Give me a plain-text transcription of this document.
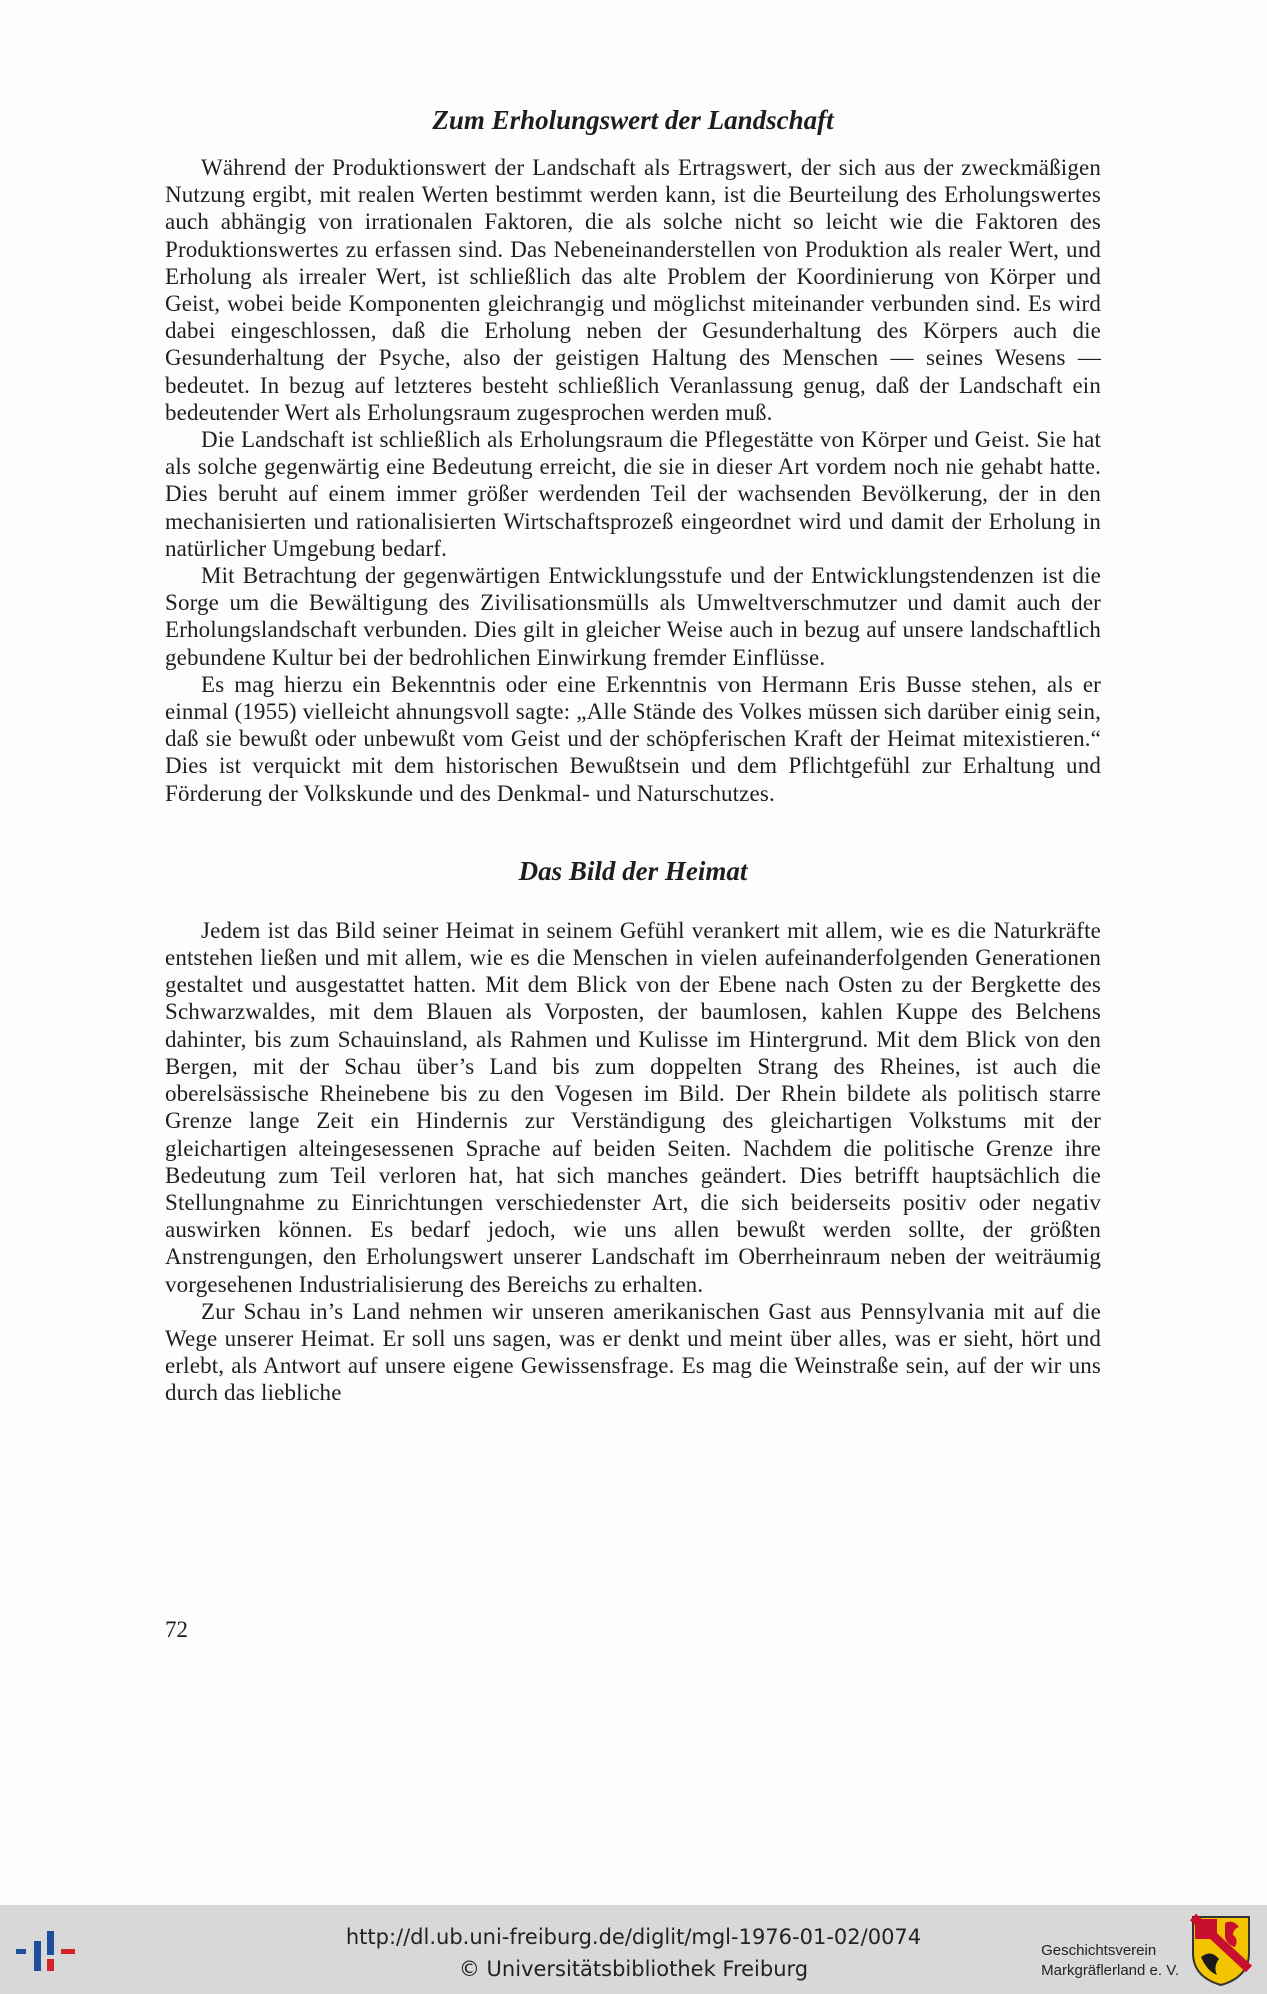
Zum Erholungswert der Landschaft

Während der Produktionswert der Landschaft als Ertragswert, der sich aus der zweckmäßigen Nutzung ergibt, mit realen Werten bestimmt werden kann, ist die Beurteilung des Erholungswertes auch abhängig von irrationalen Faktoren, die als solche nicht so leicht wie die Faktoren des Produktionswertes zu erfassen sind. Das Nebeneinanderstellen von Produktion als realer Wert, und Erholung als irrealer Wert, ist schließlich das alte Problem der Koordinierung von Körper und Geist, wobei beide Komponenten gleichrangig und möglichst miteinander verbunden sind. Es wird dabei eingeschlossen, daß die Erholung neben der Gesunderhaltung des Körpers auch die Gesunderhaltung der Psyche, also der geistigen Haltung des Menschen — seines Wesens — bedeutet. In bezug auf letzteres besteht schließlich Veranlassung genug, daß der Landschaft ein bedeutender Wert als Erholungsraum zugesprochen werden muß.

Die Landschaft ist schließlich als Erholungsraum die Pflegestätte von Körper und Geist. Sie hat als solche gegenwärtig eine Bedeutung erreicht, die sie in dieser Art vordem noch nie gehabt hatte. Dies beruht auf einem immer größer werdenden Teil der wachsenden Bevölkerung, der in den mechanisierten und rationalisierten Wirtschaftsprozeß eingeordnet wird und damit der Erholung in natürlicher Umgebung bedarf.

Mit Betrachtung der gegenwärtigen Entwicklungsstufe und der Entwicklungstendenzen ist die Sorge um die Bewältigung des Zivilisationsmülls als Umweltverschmutzer und damit auch der Erholungslandschaft verbunden. Dies gilt in gleicher Weise auch in bezug auf unsere landschaftlich gebundene Kultur bei der bedrohlichen Einwirkung fremder Einflüsse.

Es mag hierzu ein Bekenntnis oder eine Erkenntnis von Hermann Eris Busse stehen, als er einmal (1955) vielleicht ahnungsvoll sagte: „Alle Stände des Volkes müssen sich darüber einig sein, daß sie bewußt oder unbewußt vom Geist und der schöpferischen Kraft der Heimat mitexistieren.“ Dies ist verquickt mit dem historischen Bewußtsein und dem Pflichtgefühl zur Erhaltung und Förderung der Volkskunde und des Denkmal- und Naturschutzes.

Das Bild der Heimat

Jedem ist das Bild seiner Heimat in seinem Gefühl verankert mit allem, wie es die Naturkräfte entstehen ließen und mit allem, wie es die Menschen in vielen aufeinanderfolgenden Generationen gestaltet und ausgestattet hatten. Mit dem Blick von der Ebene nach Osten zu der Bergkette des Schwarzwaldes, mit dem Blauen als Vorposten, der baumlosen, kahlen Kuppe des Belchens dahinter, bis zum Schauinsland, als Rahmen und Kulisse im Hintergrund. Mit dem Blick von den Bergen, mit der Schau über’s Land bis zum doppelten Strang des Rheines, ist auch die oberelsässische Rheinebene bis zu den Vogesen im Bild. Der Rhein bildete als politisch starre Grenze lange Zeit ein Hindernis zur Verständigung des gleichartigen Volkstums mit der gleichartigen alteingesessenen Sprache auf beiden Seiten. Nachdem die politische Grenze ihre Bedeutung zum Teil verloren hat, hat sich manches geändert. Dies betrifft hauptsächlich die Stellungnahme zu Einrichtungen verschiedenster Art, die sich beiderseits positiv oder negativ auswirken können. Es bedarf jedoch, wie uns allen bewußt werden sollte, der größten Anstrengungen, den Erholungswert unserer Landschaft im Oberrheinraum neben der weiträumig vorgesehenen Industrialisierung des Bereichs zu erhalten.

Zur Schau in’s Land nehmen wir unseren amerikanischen Gast aus Pennsylvania mit auf die Wege unserer Heimat. Er soll uns sagen, was er denkt und meint über alles, was er sieht, hört und erlebt, als Antwort auf unsere eigene Gewissensfrage. Es mag die Weinstraße sein, auf der wir uns durch das liebliche

72
http://dl.ub.uni-freiburg.de/diglit/mgl-1976-01-02/0074
© Universitätsbibliothek Freiburg
Geschichtsverein
Markgräflerland e. V.
